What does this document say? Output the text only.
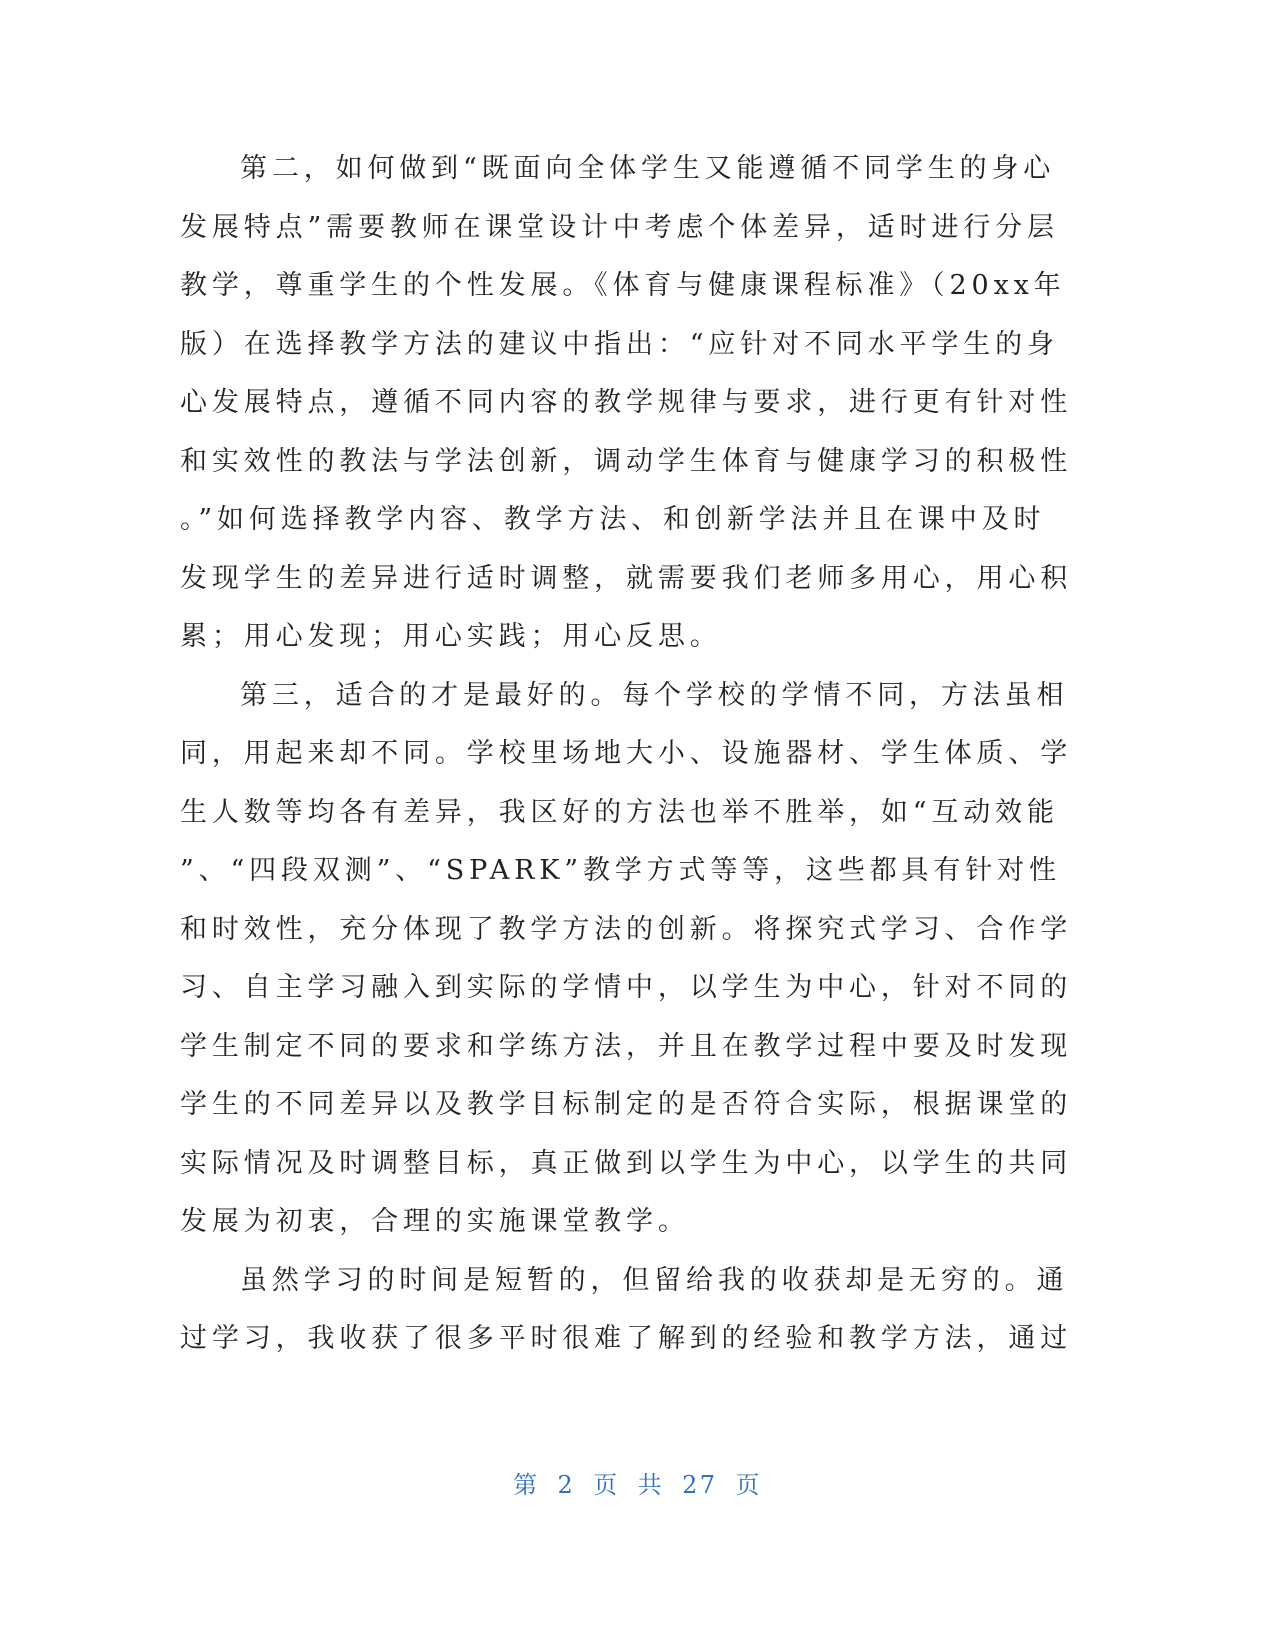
第二，如何做到“既面向全体学生又能遵循不同学生的身心
发展特点”需要教师在课堂设计中考虑个体差异，适时进行分层
教学，尊重学生的个性发展。《体育与健康课程标准》（20xx年
版）在选择教学方法的建议中指出：“应针对不同水平学生的身
心发展特点，遵循不同内容的教学规律与要求，进行更有针对性
和实效性的教法与学法创新，调动学生体育与健康学习的积极性
。”如何选择教学内容、教学方法、和创新学法并且在课中及时
发现学生的差异进行适时调整，就需要我们老师多用心，用心积
累；用心发现；用心实践；用心反思。
第三，适合的才是最好的。每个学校的学情不同，方法虽相
同，用起来却不同。学校里场地大小、设施器材、学生体质、学
生人数等均各有差异，我区好的方法也举不胜举，如“互动效能
”、“四段双测”、“SPARK”教学方式等等，这些都具有针对性
和时效性，充分体现了教学方法的创新。将探究式学习、合作学
习、自主学习融入到实际的学情中，以学生为中心，针对不同的
学生制定不同的要求和学练方法，并且在教学过程中要及时发现
学生的不同差异以及教学目标制定的是否符合实际，根据课堂的
实际情况及时调整目标，真正做到以学生为中心，以学生的共同
发展为初衷，合理的实施课堂教学。
虽然学习的时间是短暂的，但留给我的收获却是无穷的。通
过学习，我收获了很多平时很难了解到的经验和教学方法，通过
第 2 页 共 27 页
